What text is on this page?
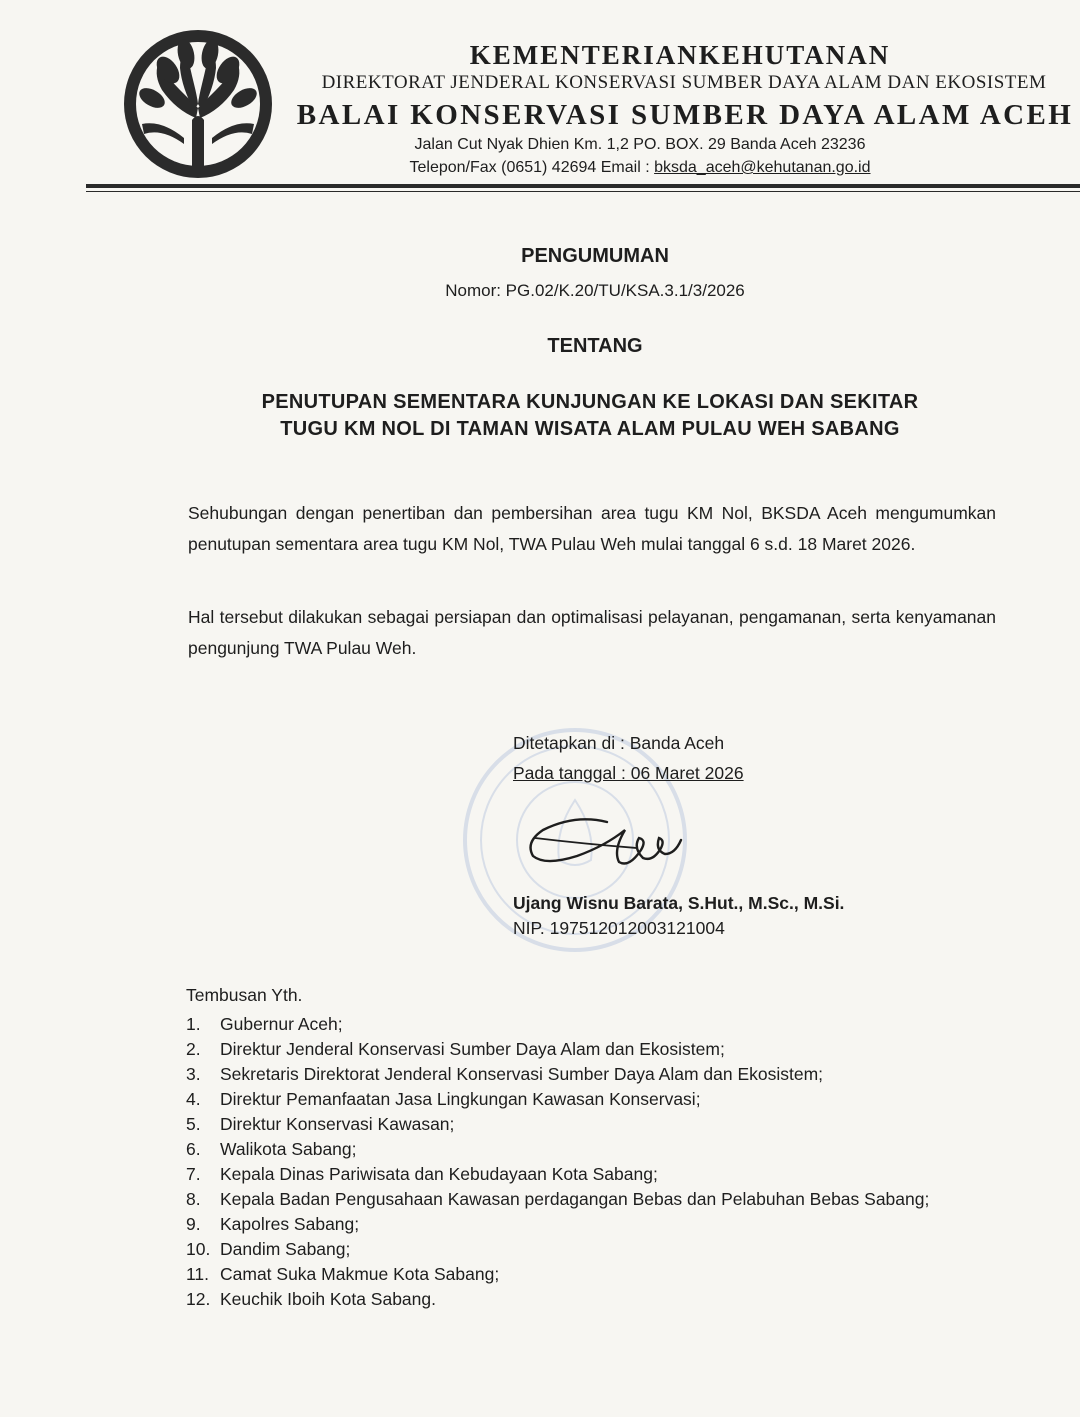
KEMENTERIANKEHUTANAN
DIREKTORAT JENDERAL KONSERVASI SUMBER DAYA ALAM DAN EKOSISTEM
BALAI KONSERVASI SUMBER DAYA ALAM ACEH
Jalan Cut Nyak Dhien Km. 1,2 PO. BOX. 29 Banda Aceh 23236
Telepon/Fax (0651) 42694 Email : bksda_aceh@kehutanan.go.id
PENGUMUMAN
Nomor: PG.02/K.20/TU/KSA.3.1/3/2026
TENTANG
PENUTUPAN SEMENTARA KUNJUNGAN KE LOKASI DAN SEKITAR
TUGU KM NOL DI TAMAN WISATA ALAM PULAU WEH SABANG
Sehubungan dengan penertiban dan pembersihan area tugu KM Nol, BKSDA Aceh mengumumkan penutupan sementara area tugu KM Nol, TWA Pulau Weh mulai tanggal 6 s.d. 18 Maret 2026.
Hal tersebut dilakukan sebagai persiapan dan optimalisasi pelayanan, pengamanan, serta kenyamanan pengunjung TWA Pulau Weh.
Ditetapkan di : Banda Aceh
Pada tanggal : 06 Maret 2026
Ujang Wisnu Barata, S.Hut., M.Sc., M.Si.
NIP. 197512012003121004
Tembusan Yth.
1.	Gubernur Aceh;
2.	Direktur Jenderal Konservasi Sumber Daya Alam dan Ekosistem;
3.	Sekretaris Direktorat Jenderal Konservasi Sumber Daya Alam dan Ekosistem;
4.	Direktur Pemanfaatan Jasa Lingkungan Kawasan Konservasi;
5.	Direktur Konservasi Kawasan;
6.	Walikota Sabang;
7.	Kepala Dinas Pariwisata dan Kebudayaan Kota Sabang;
8.	Kepala Badan Pengusahaan Kawasan perdagangan Bebas dan Pelabuhan Bebas Sabang;
9.	Kapolres Sabang;
10. Dandim Sabang;
11. Camat Suka Makmue Kota Sabang;
12. Keuchik Iboih Kota Sabang.
